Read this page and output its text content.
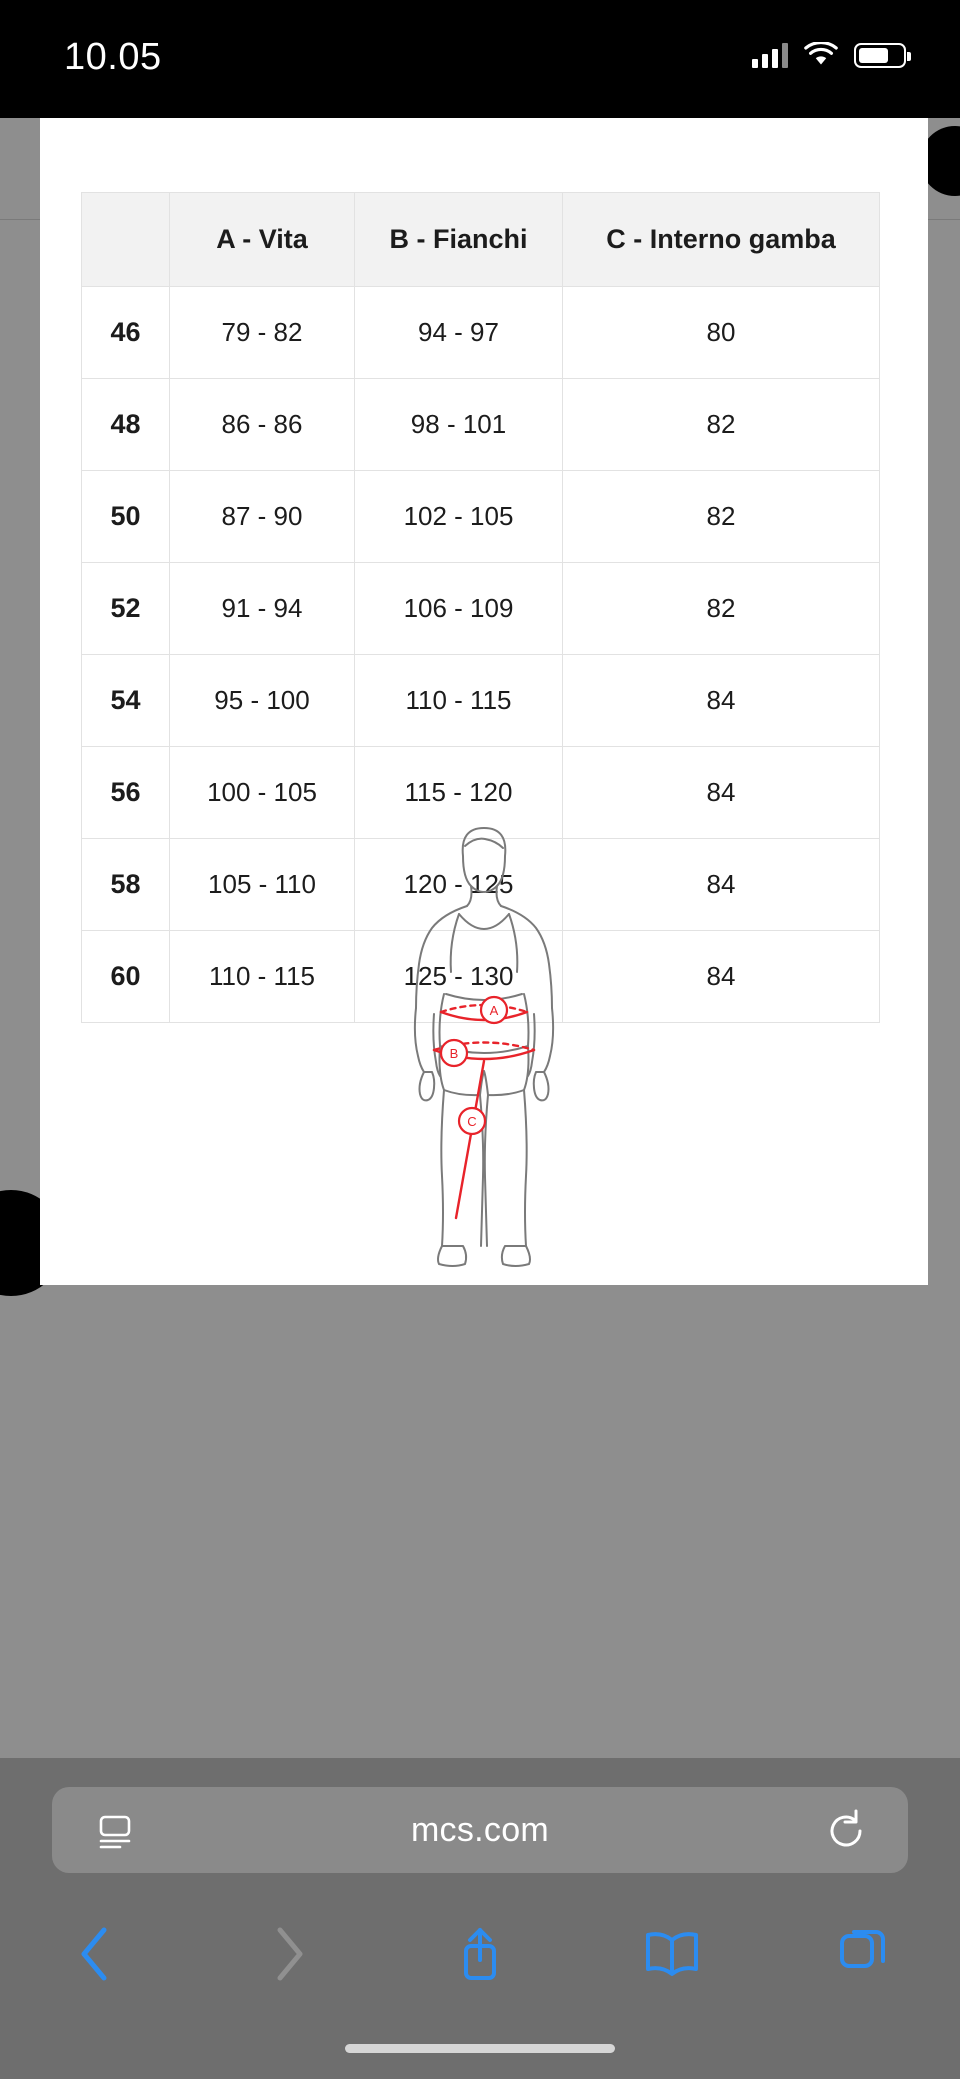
10.05
	A - Vita	B - Fianchi	C - Interno gamba
46	79 - 82	94 - 97	80
48	86 - 86	98 - 101	82
50	87 - 90	102 - 105	82
52	91 - 94	106 - 109	82
54	95 - 100	110 - 115	84
56	100 - 105	115 - 120	84
58	105 - 110	120 - 125	84
60	110 - 115	125 - 130	84
A
B
C
mcs.com
